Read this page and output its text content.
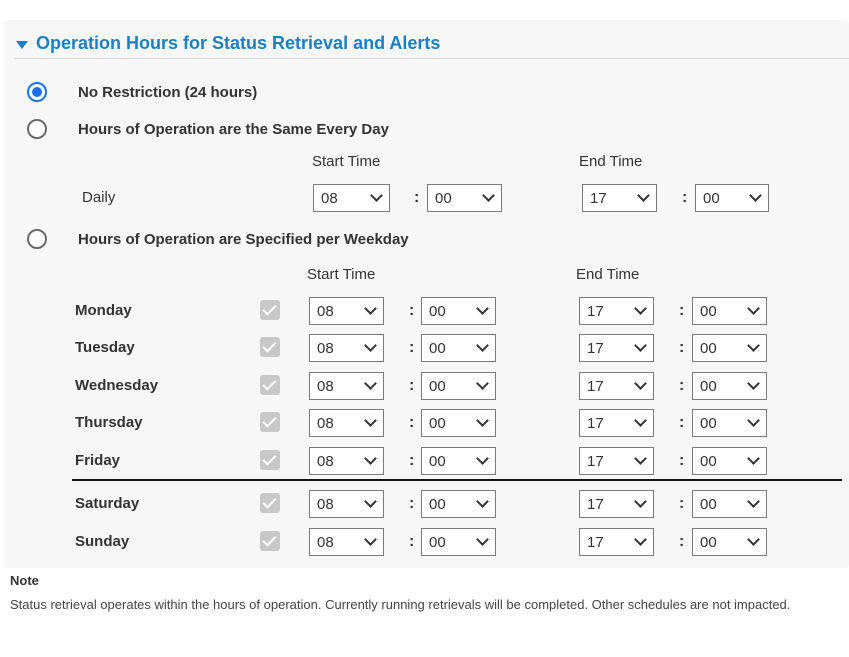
Operation Hours for Status Retrieval and Alerts
No Restriction (24 hours)
Hours of Operation are the Same Every Day
Start Time	End Time
Daily	08	: 00	17	: 00
Hours of Operation are Specified per Weekday
Start Time	End Time
Monday	08	: 00	17	: 00
Tuesday	08	: 00	17	: 00
Wednesday	08	: 00	17	: 00
Thursday	08	: 00	17	: 00
Friday	08	: 00	17	: 00
Saturday	08	: 00	17	: 00
Sunday	08	: 00	17	: 00
Note
Status retrieval operates within the hours of operation. Currently running retrievals will be completed. Other schedules are not impacted.
